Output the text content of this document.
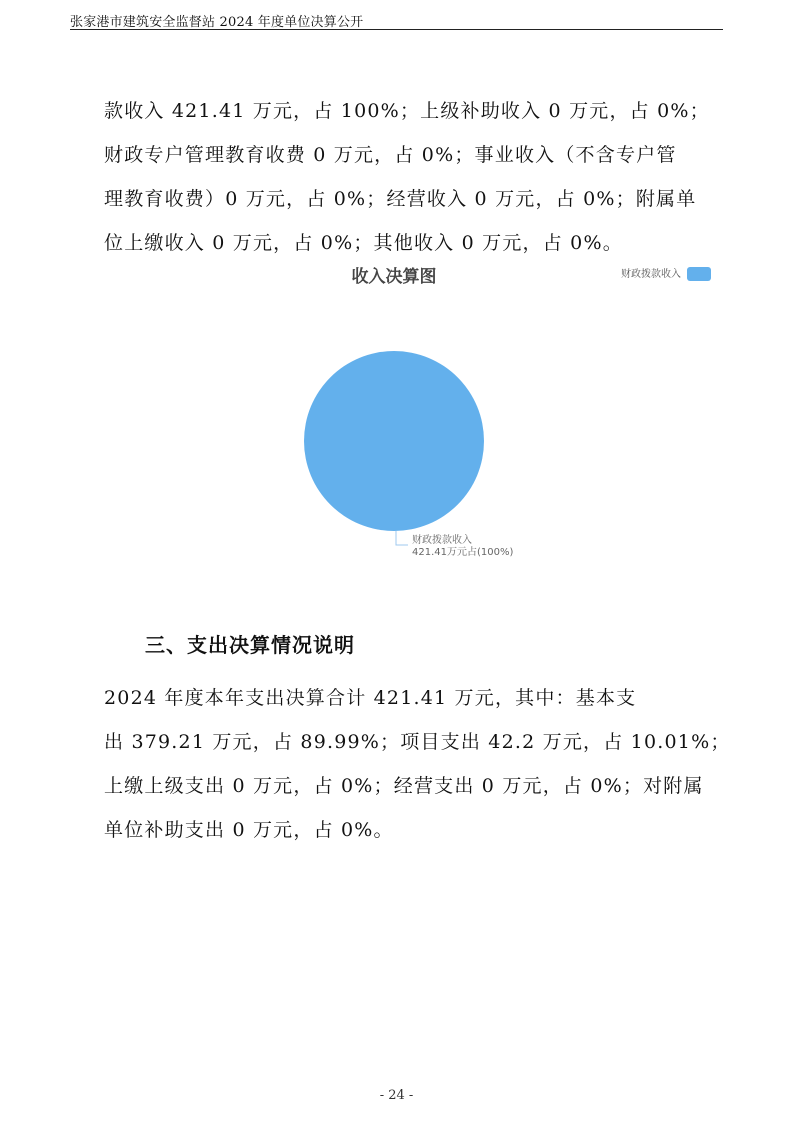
张家港市建筑安全监督站 2024 年度单位决算公开
款收入 421.41 万元，占 100%；上级补助收入 0 万元，占 0%；
财政专户管理教育收费 0 万元，占 0%；事业收入（不含专户管
理教育收费）0 万元，占 0%；经营收入 0 万元，占 0%；附属单
位上缴收入 0 万元，占 0%；其他收入 0 万元，占 0%。
收入决算图	财政拨款收入
财政拨款收入
421.41万元占(100%)
三、支出决算情况说明
2024 年度本年支出决算合计 421.41 万元，其中：基本支
出 379.21 万元，占 89.99%；项目支出 42.2 万元，占 10.01%；
上缴上级支出 0 万元，占 0%；经营支出 0 万元，占 0%；对附属
单位补助支出 0 万元，占 0%。
- 24 -
